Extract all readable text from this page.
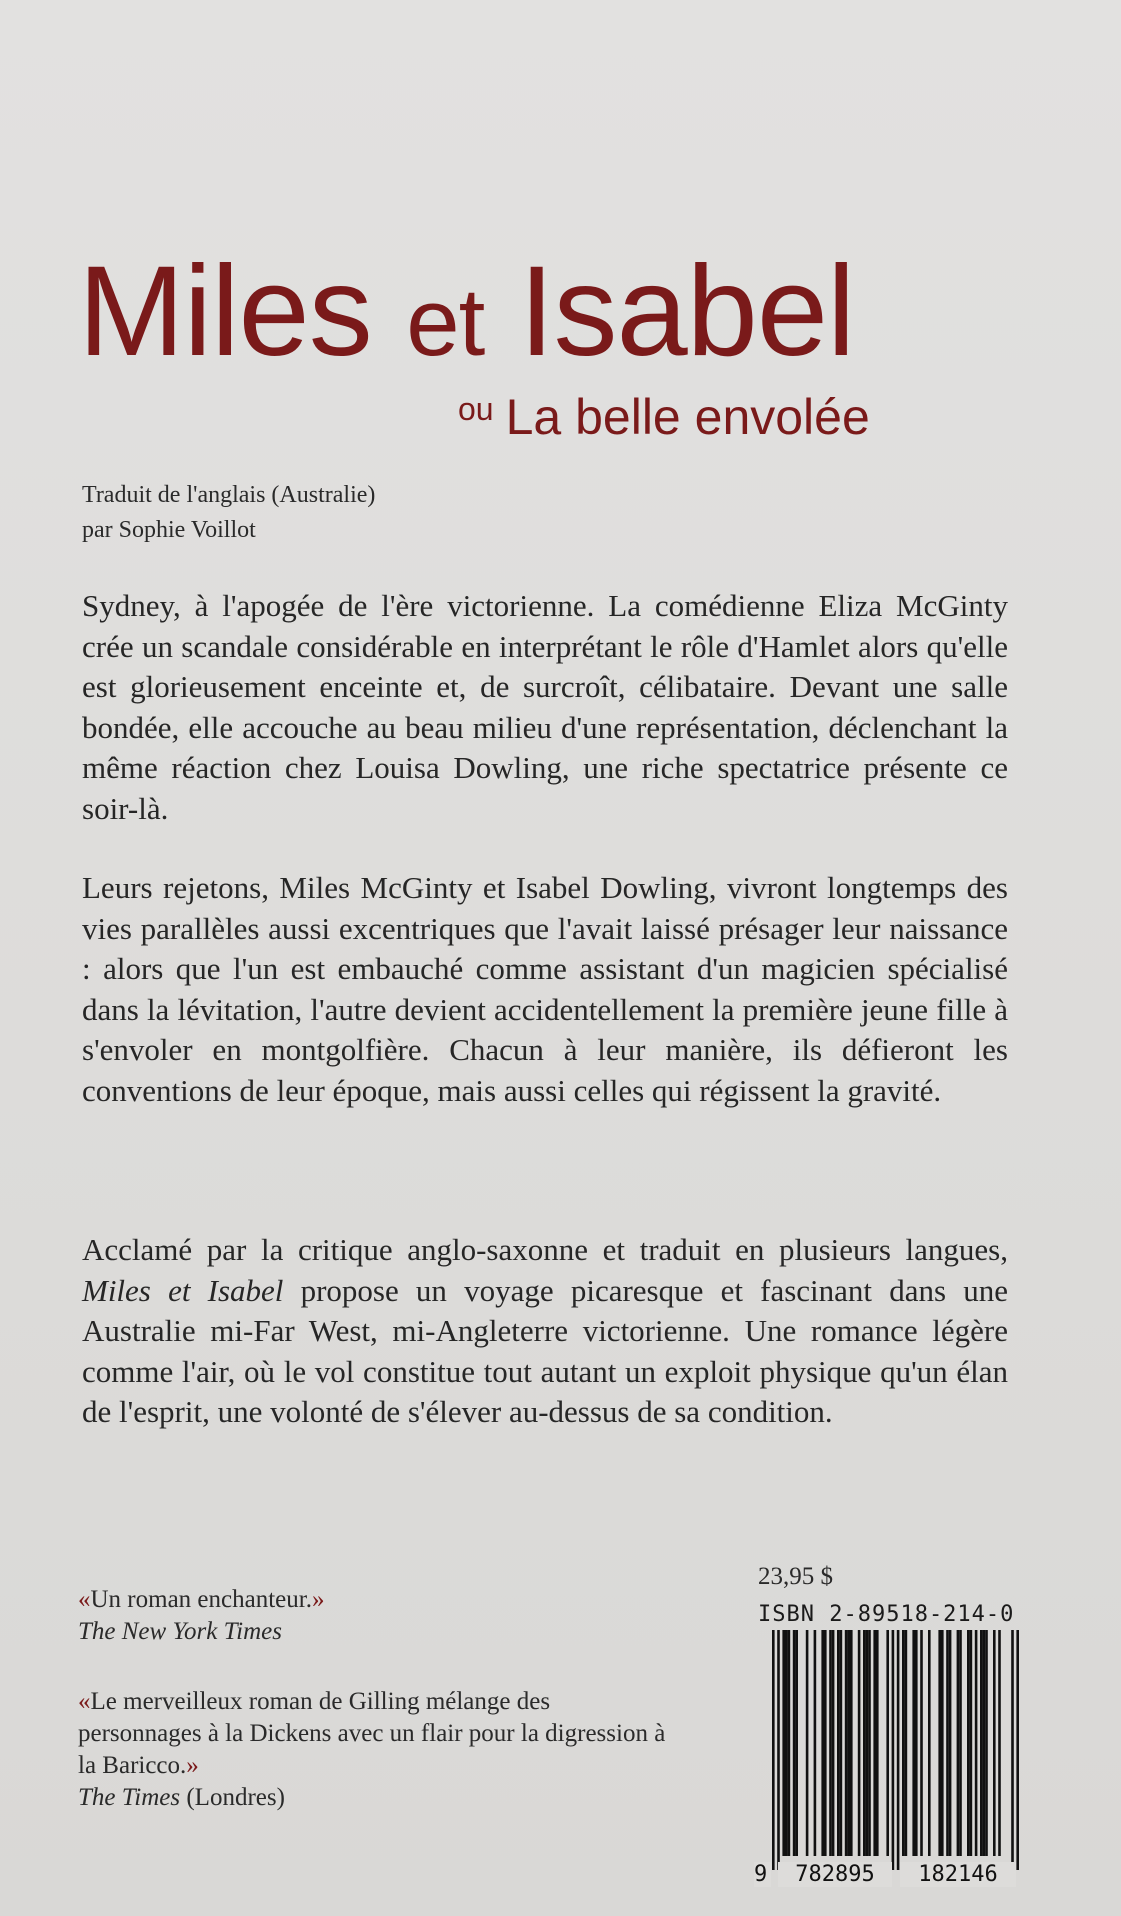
Miles et Isabel
ou La belle envolée
Traduit de l'anglais (Australie)
par Sophie Voillot

Sydney, à l'apogée de l'ère victorienne. La comédienne Eliza McGinty crée un scandale considérable en interprétant le rôle d'Hamlet alors qu'elle est glorieusement enceinte et, de surcroît, célibataire. Devant une salle bondée, elle accouche au beau milieu d'une représentation, déclenchant la même réaction chez Louisa Dowling, une riche spectatrice présente ce soir-là.

Leurs rejetons, Miles McGinty et Isabel Dowling, vivront longtemps des vies parallèles aussi excentriques que l'avait laissé présager leur naissance : alors que l'un est embauché comme assistant d'un magicien spécialisé dans la lévitation, l'autre devient accidentellement la première jeune fille à s'envoler en montgolfière. Chacun à leur manière, ils défieront les conventions de leur époque, mais aussi celles qui régissent la gravité.

Acclamé par la critique anglo-saxonne et traduit en plusieurs langues, Miles et Isabel propose un voyage picaresque et fascinant dans une Australie mi-Far West, mi-Angleterre victorienne. Une romance légère comme l'air, où le vol constitue tout autant un exploit physique qu'un élan de l'esprit, une volonté de s'élever au-dessus de sa condition.

«Un roman enchanteur.»
The New York Times
«Le merveilleux roman de Gilling mélange des personnages à la Dickens avec un flair pour la digression à la Baricco.»
The Times (Londres)
23,95 $
ISBN 2-89518-214-0
9	782895	182146
